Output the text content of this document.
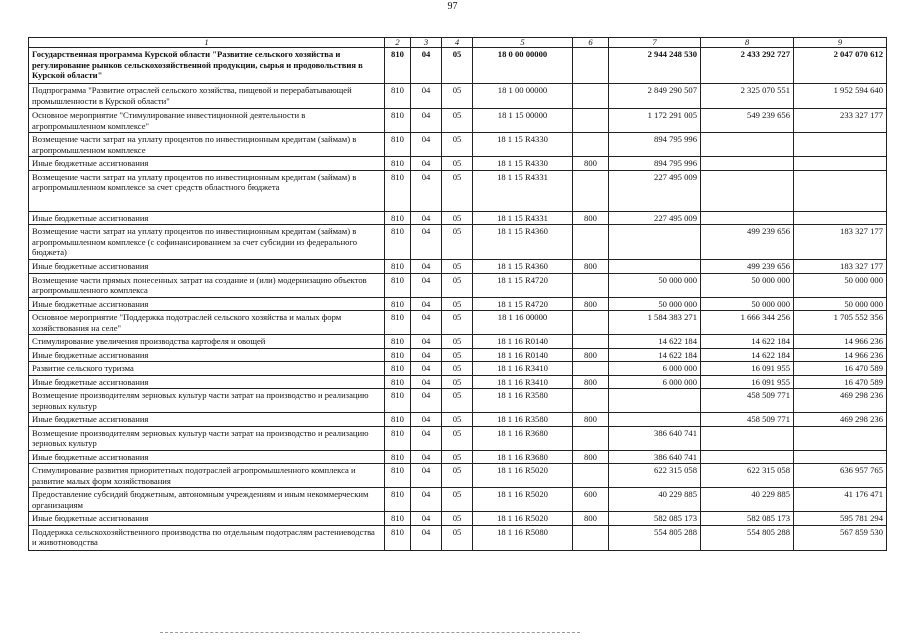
97
1	2	3	4	5	6	7	8	9
Государственная программа Курской области "Развитие сельского хозяйства и регулирование рынков сельскохозяйственной продукции, сырья и продовольствия в Курской области"	810	04	05	18 0 00 00000		2 944 248 530	2 433 292 727	2 047 070 612
Подпрограмма "Развитие отраслей сельского хозяйства, пищевой и перерабатывающей промышленности в Курской области"	810	04	05	18 1 00 00000		2 849 290 507	2 325 070 551	1 952 594 640
Основное мероприятие "Стимулирование инвестиционной деятельности в агропромышленном комплексе"	810	04	05	18 1 15 00000		1 172 291 005	549 239 656	233 327 177
Возмещение части затрат на уплату процентов по инвестиционным кредитам (займам) в агропромышленном комплексе	810	04	05	18 1 15 R4330		894 795 996		
Иные бюджетные ассигнования	810	04	05	18 1 15 R4330	800	894 795 996		
Возмещение части затрат на уплату процентов по инвестиционным кредитам (займам) в агропромышленном комплексе за счет средств областного бюджета	810	04	05	18 1 15 R4331		227 495 009		
Иные бюджетные ассигнования	810	04	05	18 1 15 R4331	800	227 495 009		
Возмещение части затрат на уплату процентов по инвестиционным кредитам (займам) в агропромышленном комплексе (с софинансированием за счет субсидии из федерального бюджета)	810	04	05	18 1 15 R4360			499 239 656	183 327 177
Иные бюджетные ассигнования	810	04	05	18 1 15 R4360	800		499 239 656	183 327 177
Возмещение части прямых понесенных затрат на создание и (или) модернизацию объектов агропромышленного комплекса	810	04	05	18 1 15 R4720		50 000 000	50 000 000	50 000 000
Иные бюджетные ассигнования	810	04	05	18 1 15 R4720	800	50 000 000	50 000 000	50 000 000
Основное мероприятие "Поддержка подотраслей сельского хозяйства и малых форм хозяйствования на селе"	810	04	05	18 1 16 00000		1 584 383 271	1 666 344 256	1 705 552 356
Стимулирование увеличения производства картофеля и овощей	810	04	05	18 1 16 R0140		14 622 184	14 622 184	14 966 236
Иные бюджетные ассигнования	810	04	05	18 1 16 R0140	800	14 622 184	14 622 184	14 966 236
Развитие сельского туризма	810	04	05	18 1 16 R3410		6 000 000	16 091 955	16 470 589
Иные бюджетные ассигнования	810	04	05	18 1 16 R3410	800	6 000 000	16 091 955	16 470 589
Возмещение производителям зерновых культур части затрат на производство и реализацию зерновых культур	810	04	05	18 1 16 R3580			458 509 771	469 298 236
Иные бюджетные ассигнования	810	04	05	18 1 16 R3580	800		458 509 771	469 298 236
Возмещение производителям зерновых культур части затрат на производство и реализацию зерновых культур	810	04	05	18 1 16 R3680		386 640 741		
Иные бюджетные ассигнования	810	04	05	18 1 16 R3680	800	386 640 741		
Стимулирование развития приоритетных подотраслей агропромышленного комплекса и развитие малых форм хозяйствования	810	04	05	18 1 16 R5020		622 315 058	622 315 058	636 957 765
Предоставление субсидий бюджетным, автономным учреждениям и иным некоммерческим организациям	810	04	05	18 1 16 R5020	600	40 229 885	40 229 885	41 176 471
Иные бюджетные ассигнования	810	04	05	18 1 16 R5020	800	582 085 173	582 085 173	595 781 294
Поддержка сельскохозяйственного производства по отдельным подотраслям растениеводства и животноводства	810	04	05	18 1 16 R5080		554 805 288	554 805 288	567 859 530
